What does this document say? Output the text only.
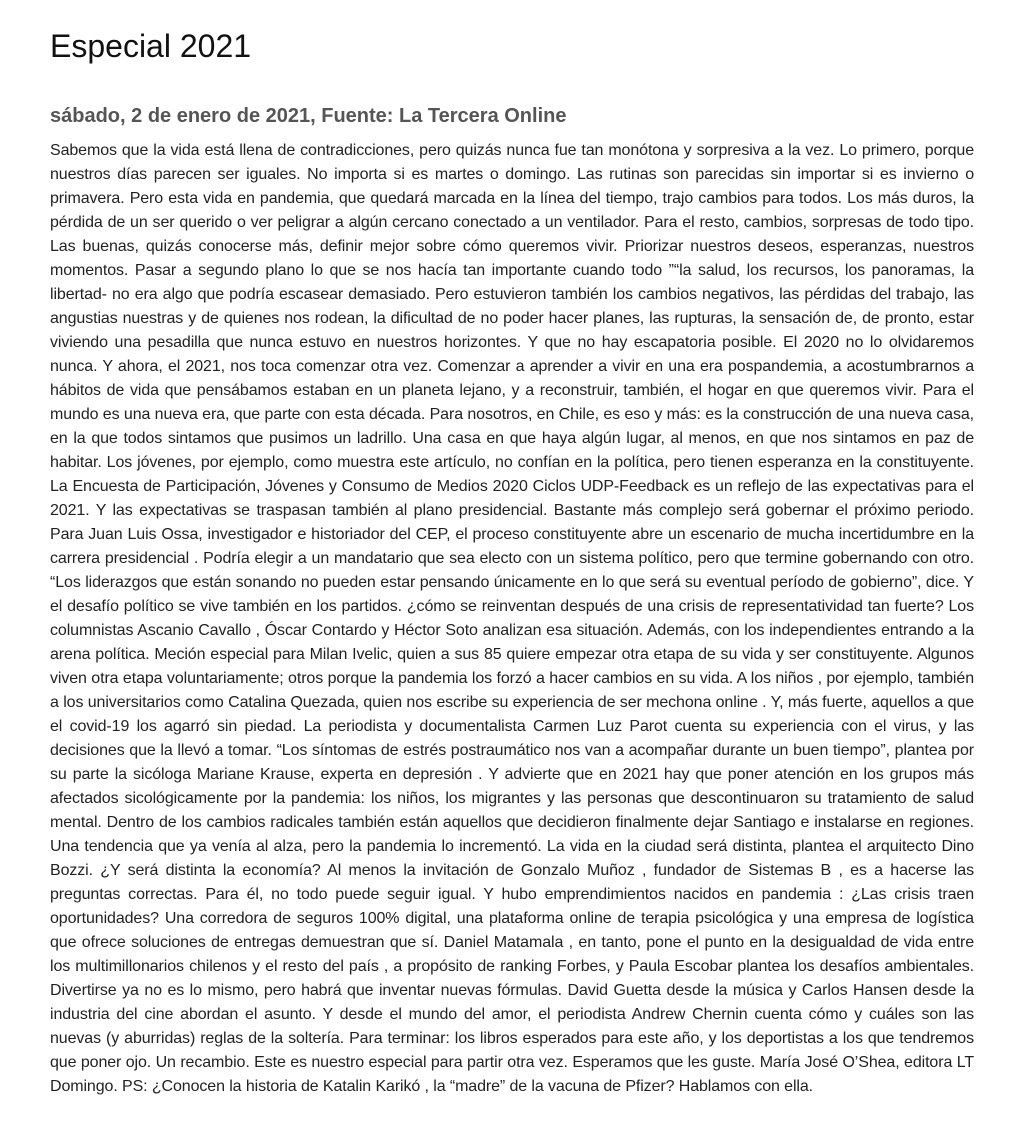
Especial 2021
sábado, 2 de enero de 2021, Fuente: La Tercera Online

Sabemos que la vida está llena de contradicciones, pero quizás nunca fue tan monótona y sorpresiva a la vez. Lo primero, porque nuestros días parecen ser iguales. No importa si es martes o domingo. Las rutinas son parecidas sin importar si es invierno o primavera. Pero esta vida en pandemia, que quedará marcada en la línea del tiempo, trajo cambios para todos. Los más duros, la pérdida de un ser querido o ver peligrar a algún cercano conectado a un ventilador. Para el resto, cambios, sorpresas de todo tipo. Las buenas, quizás conocerse más, definir mejor sobre cómo queremos vivir. Priorizar nuestros deseos, esperanzas, nuestros momentos. Pasar a segundo plano lo que se nos hacía tan importante cuando todo ”“la salud, los recursos, los panoramas, la libertad- no era algo que podría escasear demasiado. Pero estuvieron también los cambios negativos, las pérdidas del trabajo, las angustias nuestras y de quienes nos rodean, la dificultad de no poder hacer planes, las rupturas, la sensación de, de pronto, estar viviendo una pesadilla que nunca estuvo en nuestros horizontes. Y que no hay escapatoria posible. El 2020 no lo olvidaremos nunca. Y ahora, el 2021, nos toca comenzar otra vez. Comenzar a aprender a vivir en una era pospandemia, a acostumbrarnos a hábitos de vida que pensábamos estaban en un planeta lejano, y a reconstruir, también, el hogar en que queremos vivir. Para el mundo es una nueva era, que parte con esta década. Para nosotros, en Chile, es eso y más: es la construcción de una nueva casa, en la que todos sintamos que pusimos un ladrillo. Una casa en que haya algún lugar, al menos, en que nos sintamos en paz de habitar. Los jóvenes, por ejemplo, como muestra este artículo, no confían en la política, pero tienen esperanza en la constituyente. La Encuesta de Participación, Jóvenes y Consumo de Medios 2020 Ciclos UDP-Feedback es un reflejo de las expectativas para el 2021. Y las expectativas se traspasan también al plano presidencial. Bastante más complejo será gobernar el próximo periodo. Para Juan Luis Ossa, investigador e historiador del CEP, el proceso constituyente abre un escenario de mucha incertidumbre en la carrera presidencial . Podría elegir a un mandatario que sea electo con un sistema político, pero que termine gobernando con otro. “Los liderazgos que están sonando no pueden estar pensando únicamente en lo que será su eventual período de gobierno”, dice. Y el desafío político se vive también en los partidos. ¿cómo se reinventan después de una crisis de representatividad tan fuerte? Los columnistas Ascanio Cavallo , Óscar Contardo y Héctor Soto analizan esa situación. Además, con los independientes entrando a la arena política. Meción especial para Milan Ivelic, quien a sus 85 quiere empezar otra etapa de su vida y ser constituyente. Algunos viven otra etapa voluntariamente; otros porque la pandemia los forzó a hacer cambios en su vida. A los niños , por ejemplo, también a los universitarios como Catalina Quezada, quien nos escribe su experiencia de ser mechona online . Y, más fuerte, aquellos a que el covid-19 los agarró sin piedad. La periodista y documentalista Carmen Luz Parot cuenta su experiencia con el virus, y las decisiones que la llevó a tomar. “Los síntomas de estrés postraumático nos van a acompañar durante un buen tiempo”, plantea por su parte la sicóloga Mariane Krause, experta en depresión . Y advierte que en 2021 hay que poner atención en los grupos más afectados sicológicamente por la pandemia: los niños, los migrantes y las personas que descontinuaron su tratamiento de salud mental. Dentro de los cambios radicales también están aquellos que decidieron finalmente dejar Santiago e instalarse en regiones. Una tendencia que ya venía al alza, pero la pandemia lo incrementó. La vida en la ciudad será distinta, plantea el arquitecto Dino Bozzi. ¿Y será distinta la economía? Al menos la invitación de Gonzalo Muñoz , fundador de Sistemas B , es a hacerse las preguntas correctas. Para él, no todo puede seguir igual. Y hubo emprendimientos nacidos en pandemia : ¿Las crisis traen oportunidades? Una corredora de seguros 100% digital, una plataforma online de terapia psicológica y una empresa de logística que ofrece soluciones de entregas demuestran que sí. Daniel Matamala , en tanto, pone el punto en la desigualdad de vida entre los multimillonarios chilenos y el resto del país , a propósito de ranking Forbes, y Paula Escobar plantea los desafíos ambientales. Divertirse ya no es lo mismo, pero habrá que inventar nuevas fórmulas. David Guetta desde la música y Carlos Hansen desde la industria del cine abordan el asunto. Y desde el mundo del amor, el periodista Andrew Chernin cuenta cómo y cuáles son las nuevas (y aburridas) reglas de la soltería. Para terminar: los libros esperados para este año, y los deportistas a los que tendremos que poner ojo. Un recambio. Este es nuestro especial para partir otra vez. Esperamos que les guste. María José O’Shea, editora LT Domingo. PS: ¿Conocen la historia de Katalin Karikó , la “madre” de la vacuna de Pfizer? Hablamos con ella.
